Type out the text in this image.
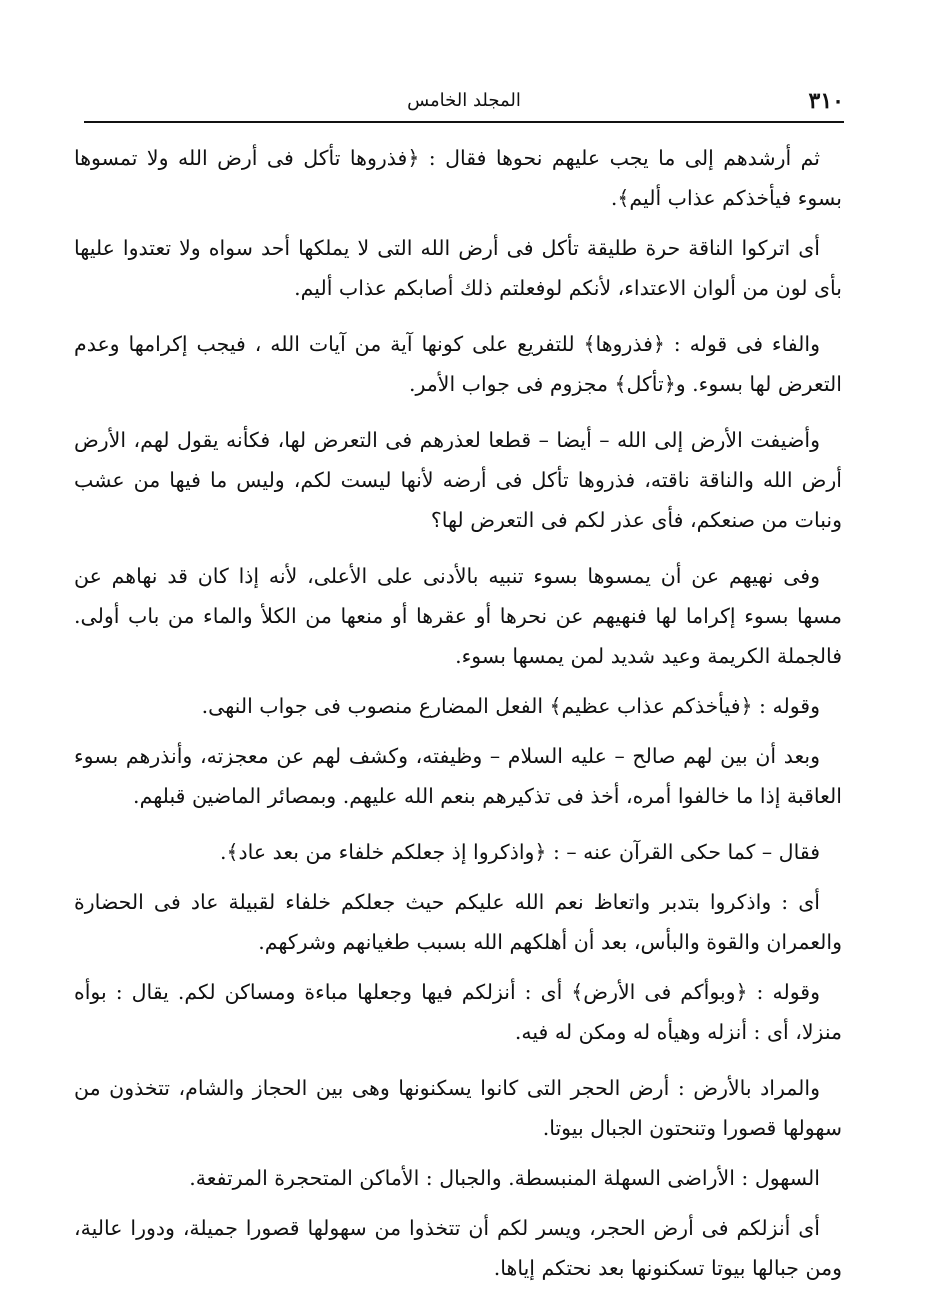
٣١٠
المجلد الخامس

ثم أرشدهم إلى ما يجب عليهم نحوها فقال : ﴿فذروها تأكل فى أرض الله ولا تمسوها بسوء فيأخذكم عذاب أليم﴾.

أى اتركوا الناقة حرة طليقة تأكل فى أرض الله التى لا يملكها أحد سواه ولا تعتدوا عليها بأى لون من ألوان الاعتداء، لأنكم لوفعلتم ذلك أصابكم عذاب أليم.

والفاء فى قوله : ﴿فذروها﴾ للتفريع على كونها آية من آيات الله ، فيجب إكرامها وعدم التعرض لها بسوء. و﴿تأكل﴾ مجزوم فى جواب الأمر.

وأضيفت الأرض إلى الله – أيضا – قطعا لعذرهم فى التعرض لها، فكأنه يقول لهم، الأرض أرض الله والناقة ناقته، فذروها تأكل فى أرضه لأنها ليست لكم، وليس ما فيها من عشب ونبات من صنعكم، فأى عذر لكم فى التعرض لها؟

وفى نهيهم عن أن يمسوها بسوء تنبيه بالأدنى على الأعلى، لأنه إذا كان قد نهاهم عن مسها بسوء إكراما لها فنهيهم عن نحرها أو عقرها أو منعها من الكلأ والماء من باب أولى. فالجملة الكريمة وعيد شديد لمن يمسها بسوء.

وقوله : ﴿فيأخذكم عذاب عظيم﴾ الفعل المضارع منصوب فى جواب النهى.

وبعد أن بين لهم صالح – عليه السلام – وظيفته، وكشف لهم عن معجزته، وأنذرهم بسوء العاقبة إذا ما خالفوا أمره، أخذ فى تذكيرهم بنعم الله عليهم. وبمصائر الماضين قبلهم.

فقال – كما حكى القرآن عنه – : ﴿واذكروا إذ جعلكم خلفاء من بعد عاد﴾.

أى : واذكروا بتدبر واتعاظ نعم الله عليكم حيث جعلكم خلفاء لقبيلة عاد فى الحضارة والعمران والقوة والبأس، بعد أن أهلكهم الله بسبب طغيانهم وشركهم.

وقوله : ﴿وبوأكم فى الأرض﴾ أى : أنزلكم فيها وجعلها مباءة ومساكن لكم. يقال : بوأه منزلا، أى : أنزله وهيأه له ومكن له فيه.

والمراد بالأرض : أرض الحجر التى كانوا يسكنونها وهى بين الحجاز والشام، تتخذون من سهولها قصورا وتنحتون الجبال بيوتا.

السهول : الأراضى السهلة المنبسطة. والجبال : الأماكن المتحجرة المرتفعة.

أى أنزلكم فى أرض الحجر، ويسر لكم أن تتخذوا من سهولها قصورا جميلة، ودورا عالية، ومن جبالها بيوتا تسكنونها بعد نحتكم إياها.
